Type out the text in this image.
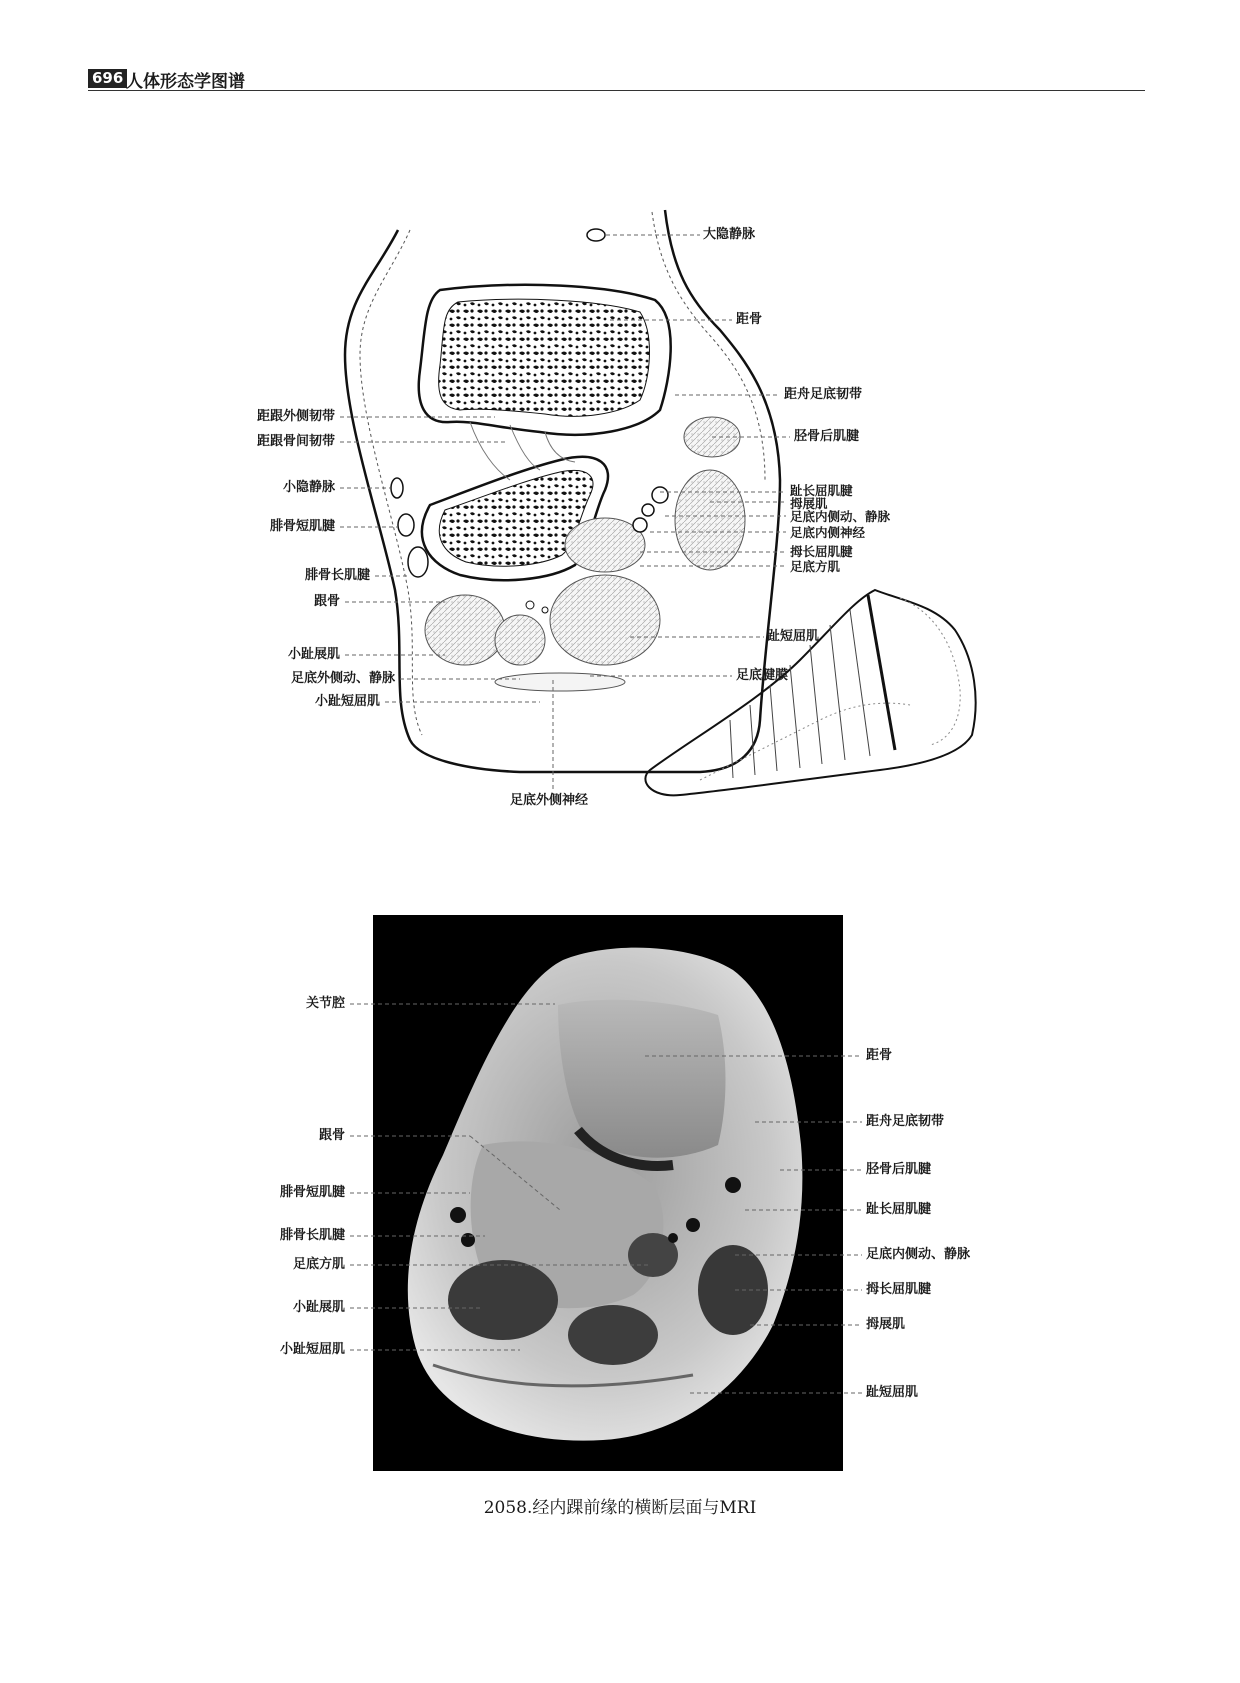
696 人体形态学图谱
大隐静脉
距骨
距舟足底韧带
胫骨后肌腱
趾长屈肌腱
拇展肌
足底内侧动、静脉
足底内侧神经
拇长屈肌腱
足底方肌
趾短屈肌
足底腱膜
距跟外侧韧带
距跟骨间韧带
小隐静脉
腓骨短肌腱
腓骨长肌腱
跟骨
小趾展肌
足底外侧动、静脉
小趾短屈肌
足底外侧神经
关节腔
跟骨
腓骨短肌腱
腓骨长肌腱
足底方肌
小趾展肌
小趾短屈肌
距骨
距舟足底韧带
胫骨后肌腱
趾长屈肌腱
足底内侧动、静脉
拇长屈肌腱
拇展肌
趾短屈肌
2058.经内踝前缘的横断层面与MRI
